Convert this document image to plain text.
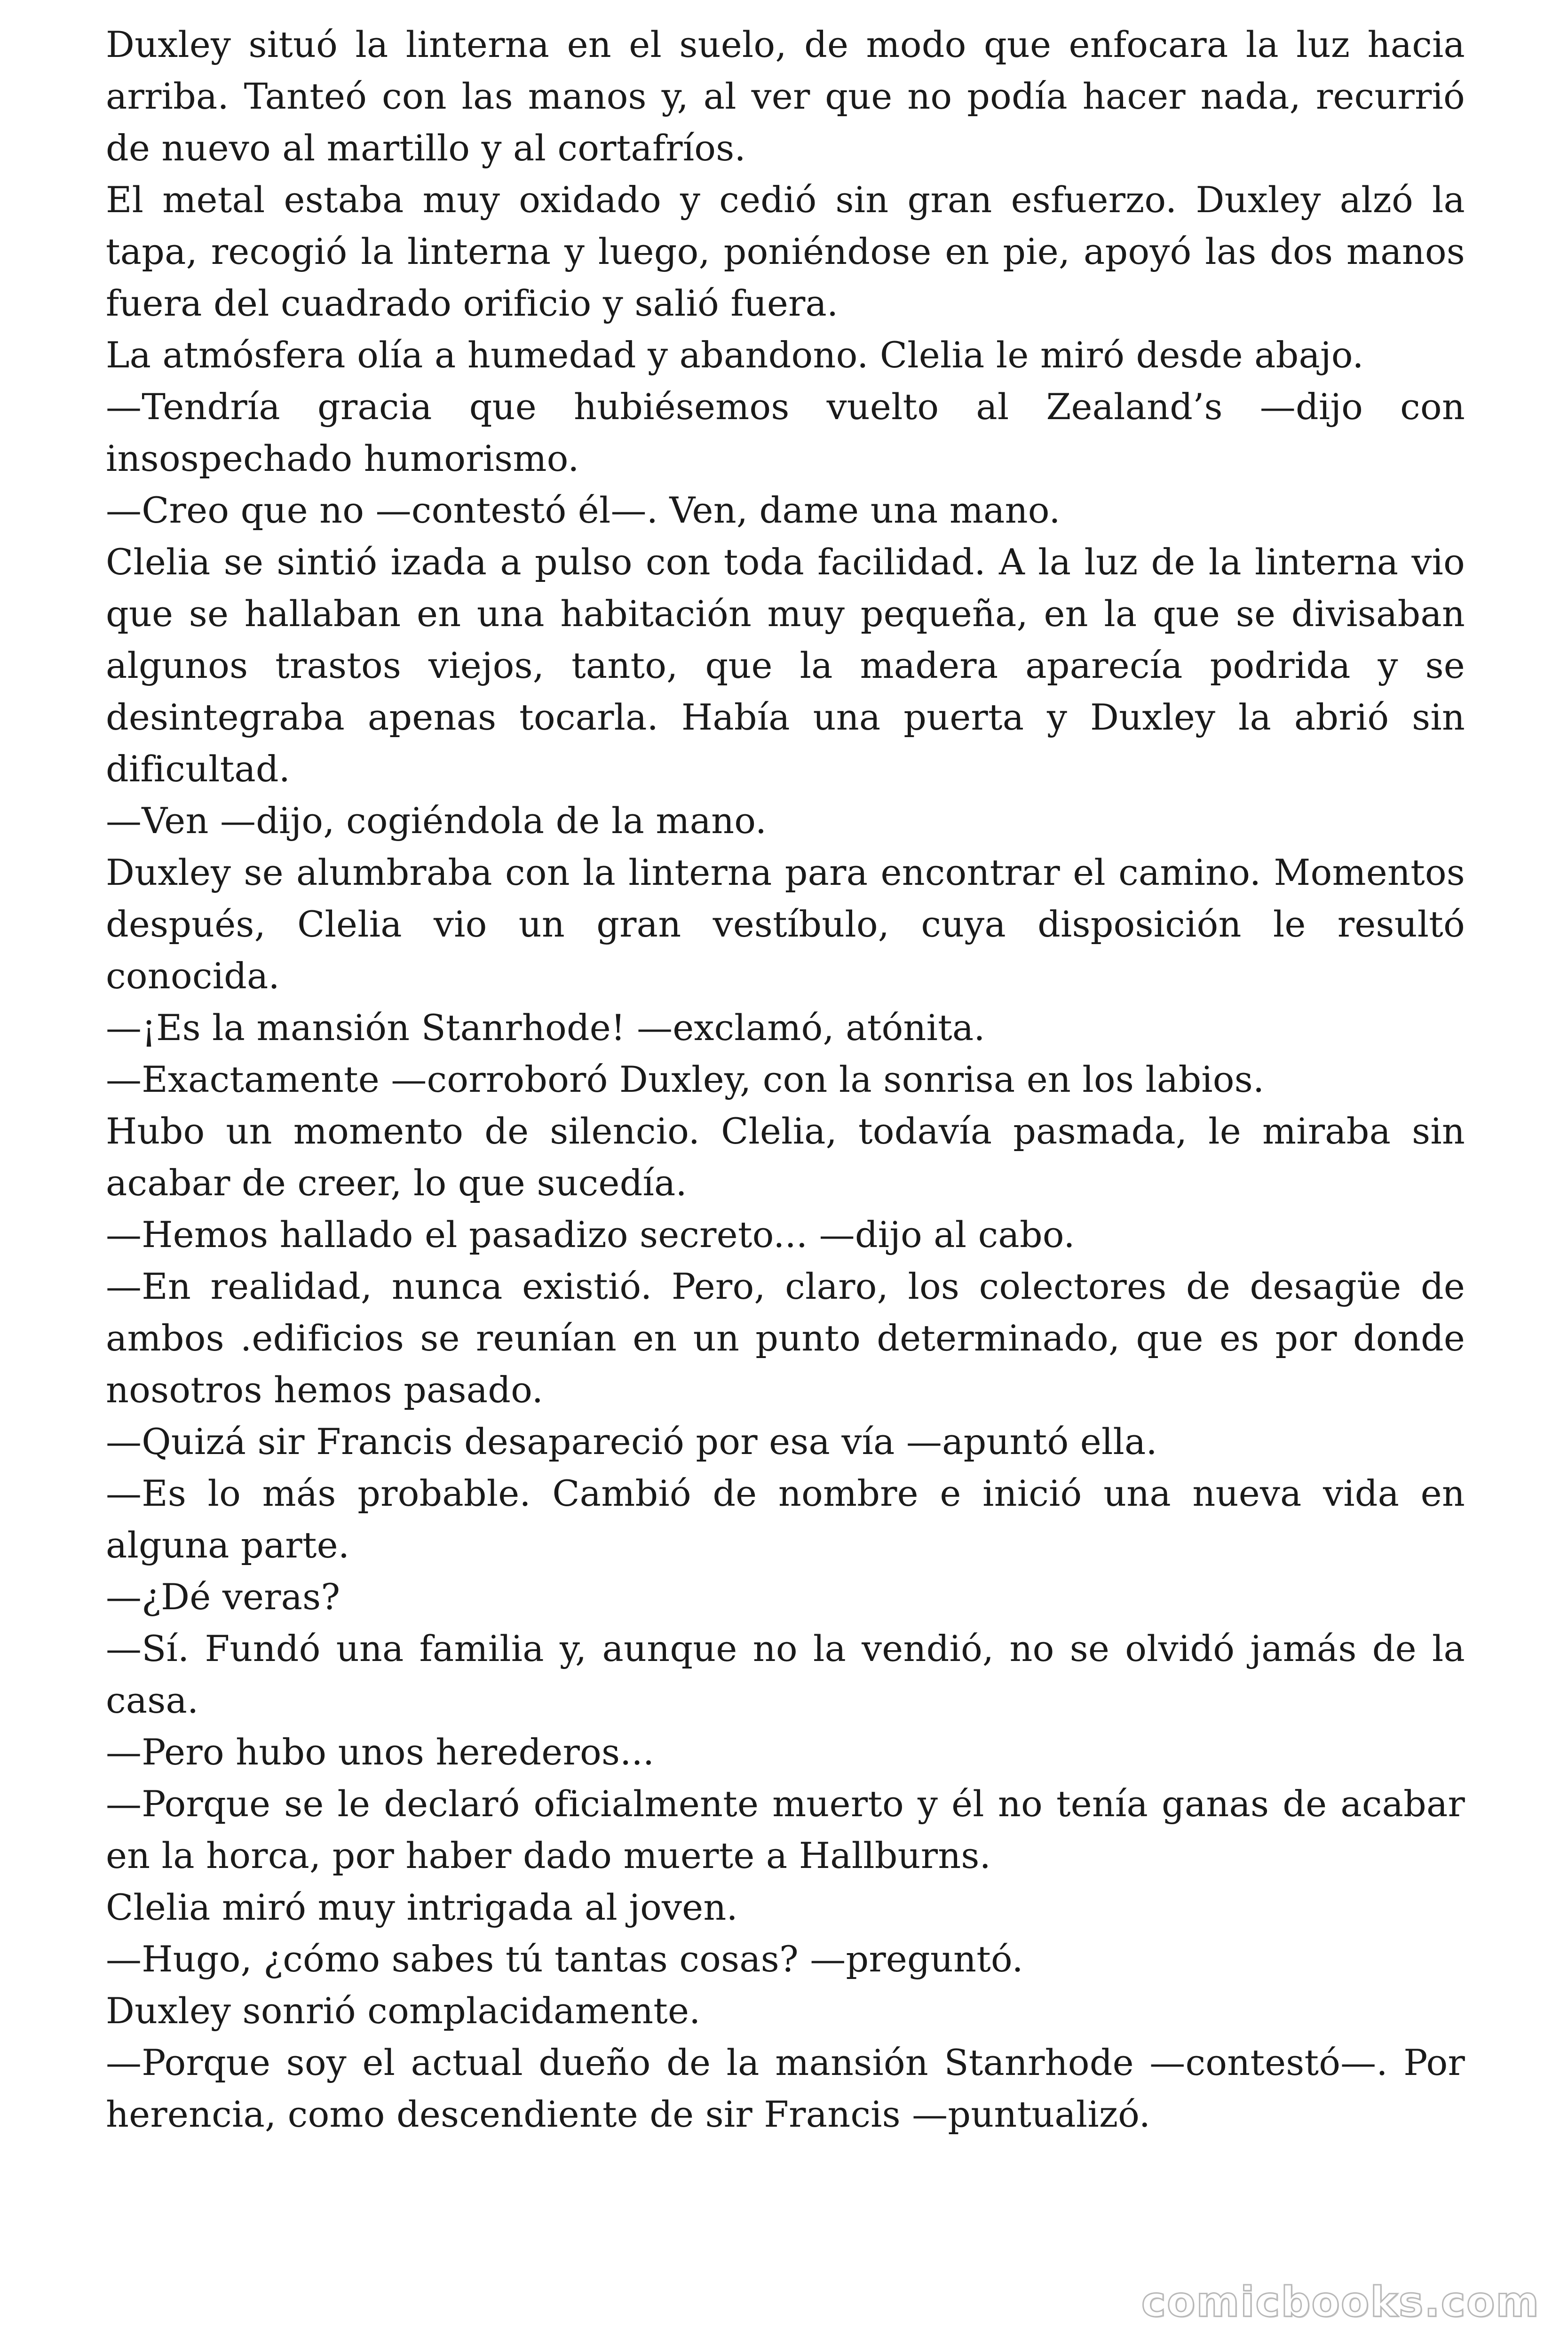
Duxley situó la linterna en el suelo, de modo que enfocara la luz hacia arriba. Tanteó con las manos y, al ver que no podía hacer nada, recurrió de nuevo al martillo y al cortafríos.

El metal estaba muy oxidado y cedió sin gran esfuerzo. Duxley alzó la tapa, recogió la linterna y luego, poniéndose en pie, apoyó las dos manos fuera del cuadrado orificio y salió fuera.

La atmósfera olía a humedad y abandono. Clelia le miró desde abajo.

—Tendría gracia que hubiésemos vuelto al Zealand’s —dijo con insospechado humorismo.

—Creo que no —contestó él—. Ven, dame una mano.

Clelia se sintió izada a pulso con toda facilidad. A la luz de la linterna vio que se hallaban en una habitación muy pequeña, en la que se divisaban algunos trastos viejos, tanto, que la madera aparecía podrida y se desintegraba apenas tocarla. Había una puerta y Duxley la abrió sin dificultad.

—Ven —dijo, cogiéndola de la mano.

Duxley se alumbraba con la linterna para encontrar el camino. Momentos después, Clelia vio un gran vestíbulo, cuya disposición le resultó conocida.

—¡Es la mansión Stanrhode! —exclamó, atónita.

—Exactamente —corroboró Duxley, con la sonrisa en los labios.

Hubo un momento de silencio. Clelia, todavía pasmada, le miraba sin acabar de creer, lo que sucedía.

—Hemos hallado el pasadizo secreto... —dijo al cabo.

—En realidad, nunca existió. Pero, claro, los colectores de desagüe de ambos .edificios se reunían en un punto determinado, que es por donde nosotros hemos pasado.

—Quizá sir Francis desapareció por esa vía —apuntó ella.

—Es lo más probable. Cambió de nombre e inició una nueva vida en alguna parte.

—¿Dé veras?

—Sí. Fundó una familia y, aunque no la vendió, no se olvidó jamás de la casa.

—Pero hubo unos herederos...

—Porque se le declaró oficialmente muerto y él no tenía ganas de acabar en la horca, por haber dado muerte a Hallburns.

Clelia miró muy intrigada al joven.

—Hugo, ¿cómo sabes tú tantas cosas? —preguntó.

Duxley sonrió complacidamente.

—Porque soy el actual dueño de la mansión Stanrhode —contestó—. Por herencia, como descendiente de sir Francis —puntualizó.

comicbooks.com
